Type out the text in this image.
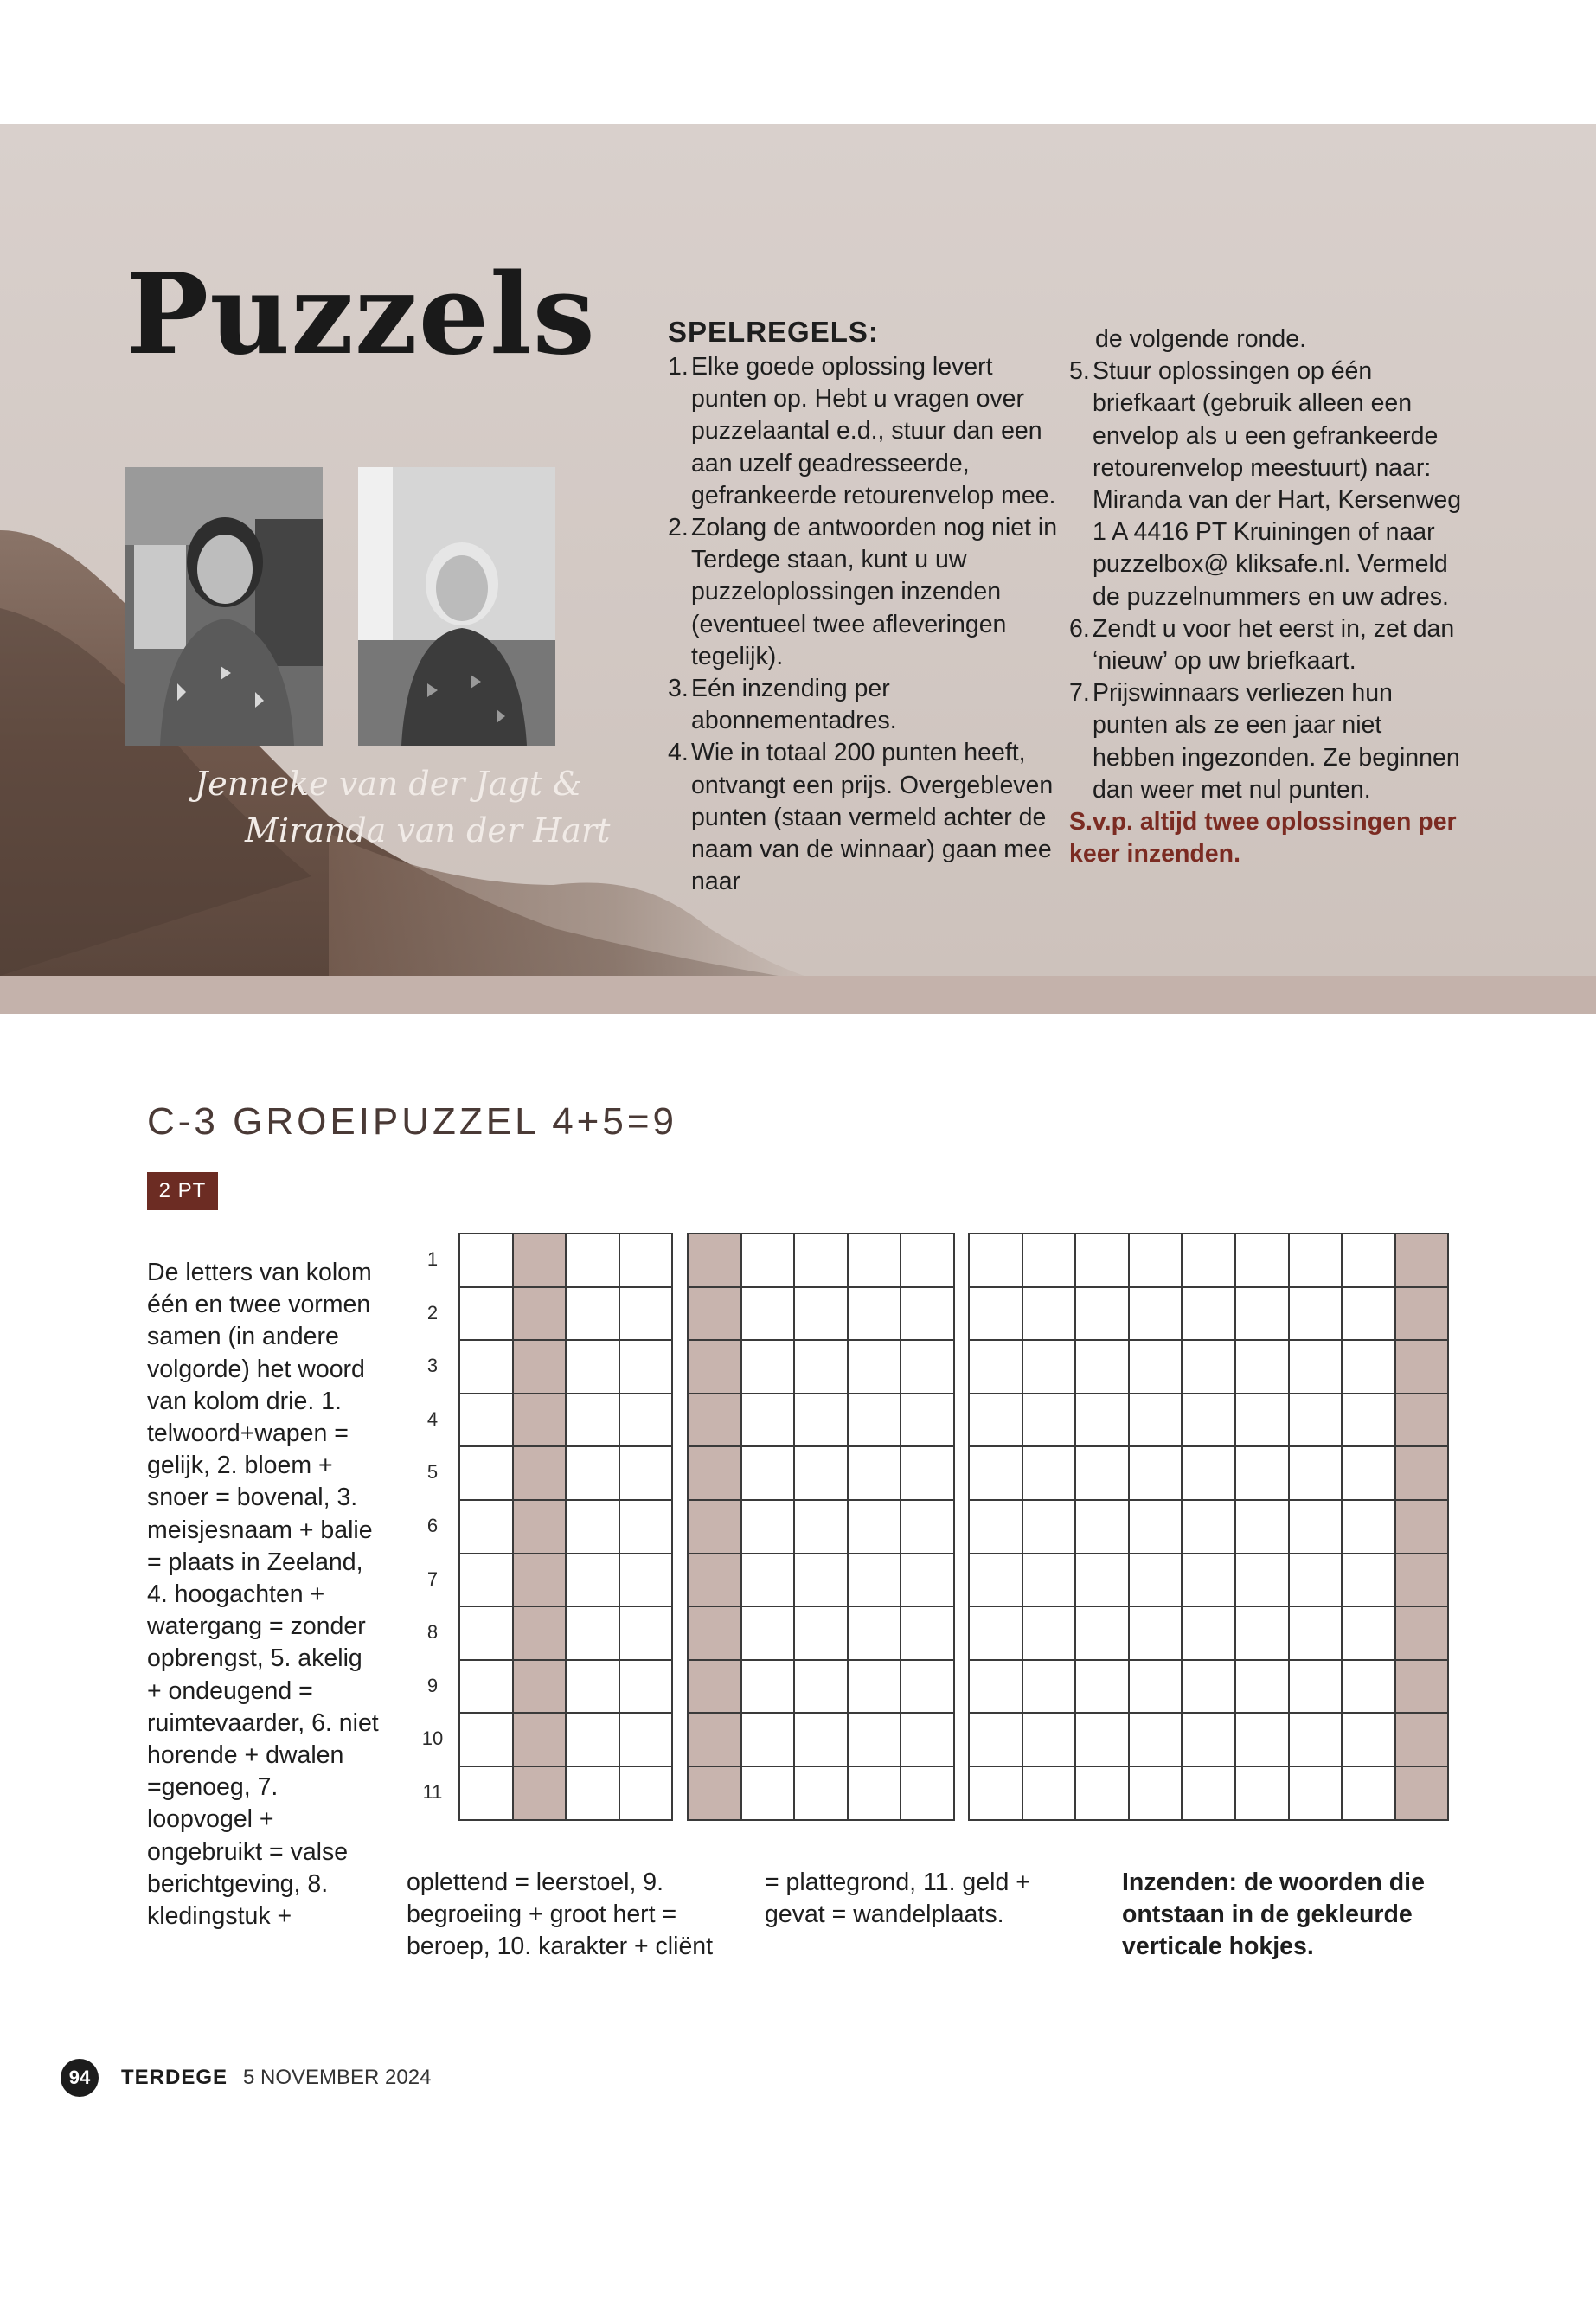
Puzzels
Jenneke van der Jagt &
Miranda van der Hart
SPELREGELS:
1. Elke goede oplossing levert punten op. Hebt u vragen over puzzelaantal e.d., stuur dan een aan uzelf geadresseerde, gefrankeerde retourenvelop mee.
2. Zolang de antwoorden nog niet in Terdege staan, kunt u uw puzzeloplossingen inzenden (eventueel twee afleveringen tegelijk).
3. Eén inzending per abonnementadres.
4. Wie in totaal 200 punten heeft, ontvangt een prijs. Overgebleven punten (staan vermeld achter de naam van de winnaar) gaan mee naar
de volgende ronde.
5. Stuur oplossingen op één briefkaart (gebruik alleen een envelop als u een gefrankeerde retourenvelop meestuurt) naar: Miranda van der Hart, Kersenweg 1 A 4416 PT Kruiningen of naar puzzelbox@ kliksafe.nl. Vermeld de puzzelnummers en uw adres.
6. Zendt u voor het eerst in, zet dan ‘nieuw’ op uw briefkaart.
7. Prijswinnaars verliezen hun punten als ze een jaar niet hebben ingezonden. Ze beginnen dan weer met nul punten.
S.v.p. altijd twee oplossingen per keer inzenden.
C-3 GROEIPUZZEL 4+5=9
2 PT
De letters van kolom één en twee vormen samen (in andere volgorde) het woord van kolom drie. 1. telwoord+wapen = gelijk, 2. bloem + snoer = bovenal, 3. meisjesnaam + balie = plaats in Zeeland, 4. hoogachten + watergang = zonder opbrengst, 5. akelig + ondeugend = ruimtevaarder, 6. niet horende + dwalen =genoeg, 7. loopvogel + ongebruikt = valse berichtgeving, 8. kledingstuk +
oplettend = leerstoel, 9. begroeiing + groot hert = beroep, 10. karakter + cliënt
= plattegrond, 11. geld + gevat = wandelplaats.
Inzenden: de woorden die ontstaan in de gekleurde verticale hokjes.
1
2
3
4
5
6
7
8
9
10
11
94	TERDEGE 5 NOVEMBER 2024
